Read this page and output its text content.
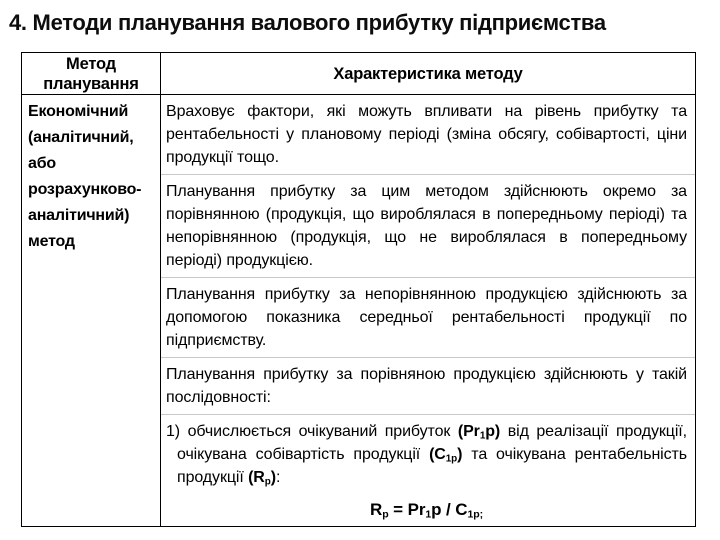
4. Методи планування валового прибутку підприємства
Метод планування
Економічний (аналітичний, або розрахунково-аналітичний) метод
Характеристика методу

Враховує фактори, які можуть впливати на рівень прибутку та рентабельності у плановому періоді (зміна обсягу, собівартості, ціни продукції тощо.

Планування прибутку за цим методом здійснюють окремо за порівнянною (продукція, що вироблялася в попередньому періоді) та непорівнянною (продукція, що не вироблялася в попередньому періоді) продукцією.

Планування прибутку за непорівнянною продукцією здійснюють за допомогою показника середньої рентабельності продукції по підприємству.

Планування прибутку за порівняною продукцією здійснюють у такій послідовності:

1) обчислюється очікуваний прибуток $(Pr_1p)$ від реалізації продукції, очікувана собівартість продукції $(C_{1p})$ та очікувана рентабельність продукції $(R_p)$:

$R_p = Pr_1p / C_{1p;}$
